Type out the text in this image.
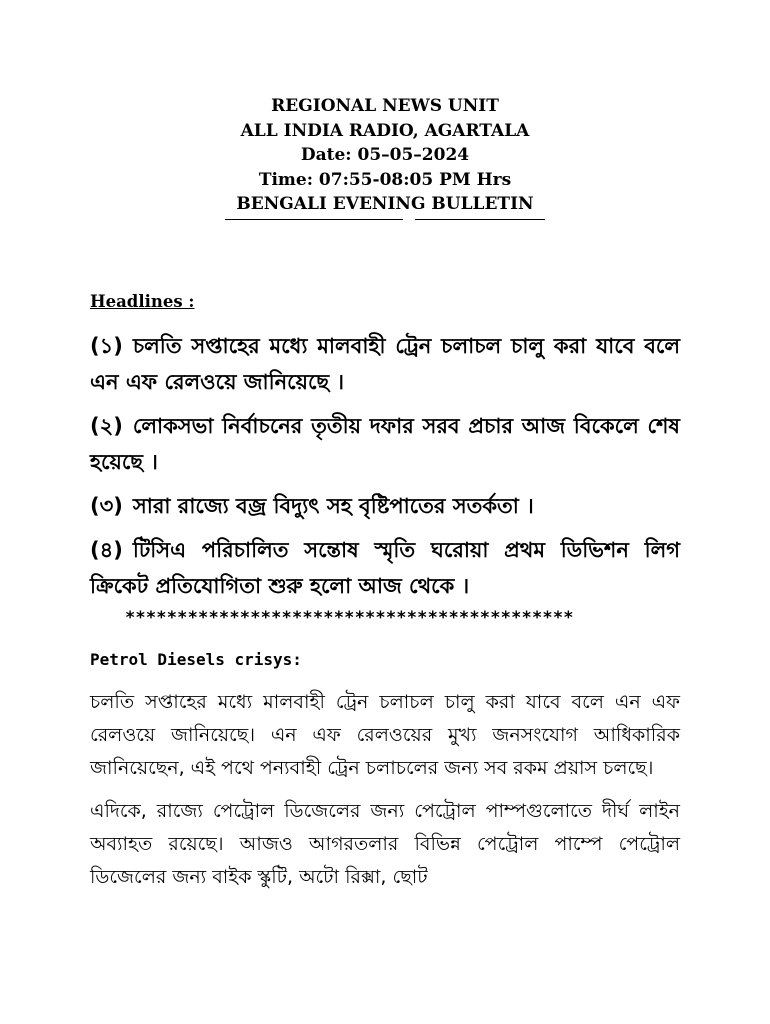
REGIONAL NEWS UNIT
ALL INDIA RADIO, AGARTALA
Date: 05–05–2024
Time: 07:55-08:05 PM Hrs
BENGALI EVENING BULLETIN
Headlines :

(১) চলতি সপ্তাহের মধ্যে মালবাহী ট্রেন চলাচল চালু করা যাবে বলে এন এফ রেলওয়ে জানিয়েছে ।

(২) লোকসভা নির্বাচনের তৃতীয় দফার সরব প্রচার আজ বিকেলে শেষ হয়েছে ।

(৩) সারা রাজ্যে বজ্র বিদ্যুৎ সহ বৃষ্টিপাতের সতর্কতা ।

(৪) টিসিএ পরিচালিত সন্তোষ স্মৃতি ঘরোয়া প্রথম ডিভিশন লিগ ক্রিকেট প্রতিযোগিতা শুরু হলো আজ থেকে ।

*******************************************
Petrol Diesels crisys:

চলতি সপ্তাহের মধ্যে মালবাহী ট্রেন চলাচল চালু করা যাবে বলে এন এফ রেলওয়ে জানিয়েছে। এন এফ রেলওয়ের মুখ্য জনসংযোগ আধিকারিক জানিয়েছেন, এই পথে পন্যবাহী ট্রেন চলাচলের জন্য সব রকম প্রয়াস চলছে।

এদিকে, রাজ্যে পেট্রোল ডিজেলের জন্য পেট্রোল পাম্পগুলোতে দীর্ঘ লাইন অব্যাহত রয়েছে। আজও আগরতলার বিভিন্ন পেট্রোল পাম্পে পেট্রোল ডিজেলের জন্য বাইক স্কুটি, অটো রিক্সা, ছোট
